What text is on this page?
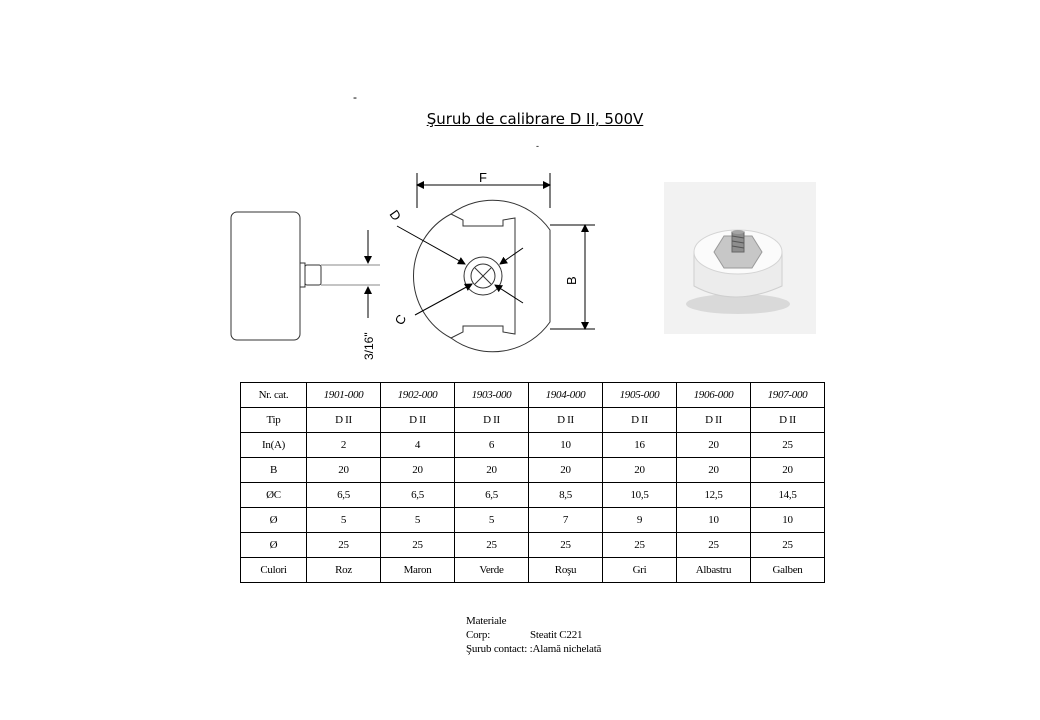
-
Şurub de calibrare D II, 500V
-
3/16"
F
D
B
C
Nr. cat.	1901-000	1902-000	1903-000	1904-000	1905-000	1906-000	1907-000
Tip	D II	D II	D II	D II	D II	D II	D II
In(A)	2	4	6	10	16	20	25
B	20	20	20	20	20	20	20
ØC	6,5	6,5	6,5	8,5	10,5	12,5	14,5
Ø	5	5	5	7	9	10	10
Ø	25	25	25	25	25	25	25
Culori	Roz	Maron	Verde	Roşu	Gri	Albastru	Galben
Materiale
Corp:	Steatit C221
Şurub contact: :Alamă nichelată
